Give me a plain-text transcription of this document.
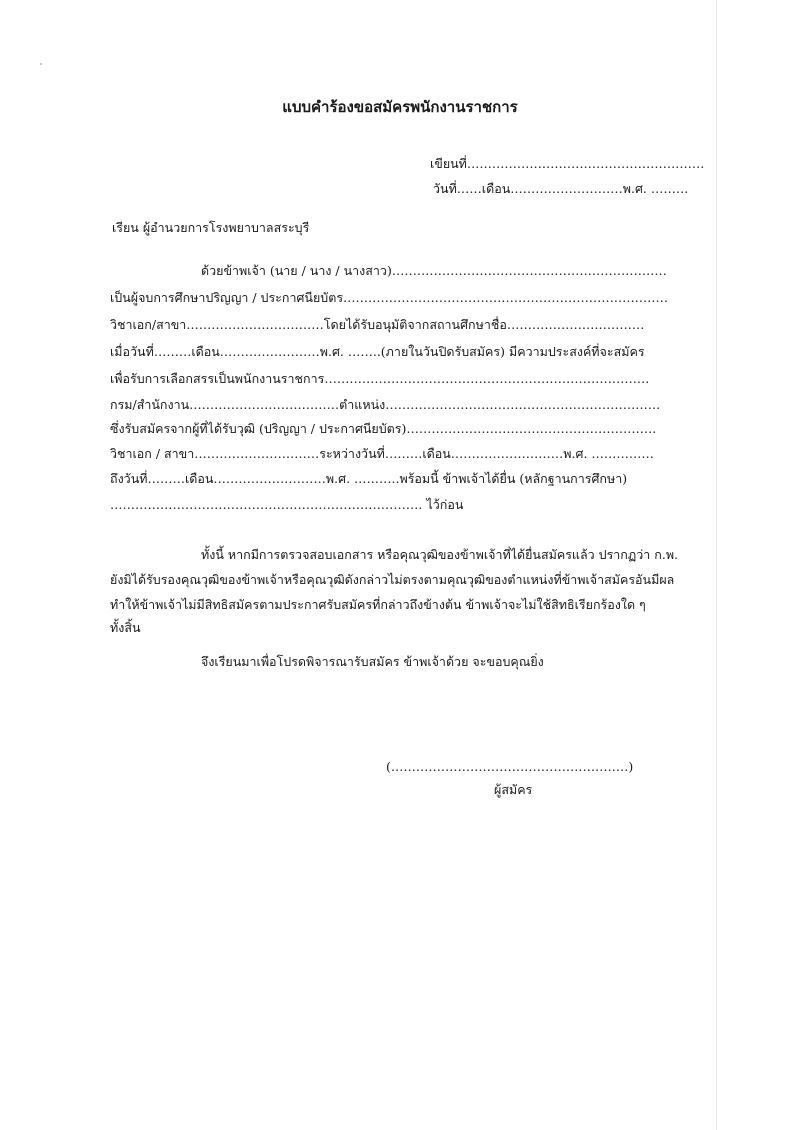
แบบคำร้องขอสมัครพนักงานราชการ
เขียนที่…………………………………………………
วันที่……เดือน………………………พ.ศ. ………
เรียน ผู้อำนวยการโรงพยาบาลสระบุรี
ด้วยข้าพเจ้า (นาย / นาง / นางสาว)…………………………………………………………
เป็นผู้จบการศึกษาปริญญา / ประกาศนียบัตร……………………………………………………………………
วิชาเอก/สาขา……………………………โดยได้รับอนุมัติจากสถานศึกษาชื่อ……………………………
เมื่อวันที่………เดือน……………………พ.ศ. ……..(ภายในวันปิดรับสมัคร) มีความประสงค์ที่จะสมัคร
เพื่อรับการเลือกสรรเป็นพนักงานราชการ……………………………………………………………………
กรม/สำนักงาน………………………………ตำแหน่ง…………………………………………………………
ซึ่งรับสมัครจากผู้ที่ได้รับวุฒิ (ปริญญา / ประกาศนียบัตร)……………………………………………………
วิชาเอก / สาขา…………………………ระหว่างวันที่………เดือน………………………พ.ศ. ……………
ถึงวันที่………เดือน………………………พ.ศ. ………..พร้อมนี้ ข้าพเจ้าได้ยื่น (หลักฐานการศึกษา)
………………………………………………………………… ไว้ก่อน
ทั้งนี้ หากมีการตรวจสอบเอกสาร หรือคุณวุฒิของข้าพเจ้าที่ได้ยื่นสมัครแล้ว ปรากฏว่า ก.พ.
ยังมิได้รับรองคุณวุฒิของข้าพเจ้าหรือคุณวุฒิดังกล่าวไม่ตรงตามคุณวุฒิของตำแหน่งที่ข้าพเจ้าสมัครอันมีผล
ทำให้ข้าพเจ้าไม่มีสิทธิสมัครตามประกาศรับสมัครที่กล่าวถึงข้างต้น ข้าพเจ้าจะไม่ใช้สิทธิเรียกร้องใด ๆ
ทั้งสิ้น
จึงเรียนมาเพื่อโปรดพิจารณารับสมัคร ข้าพเจ้าด้วย จะขอบคุณยิ่ง
(…………………………………………………)
ผู้สมัคร
